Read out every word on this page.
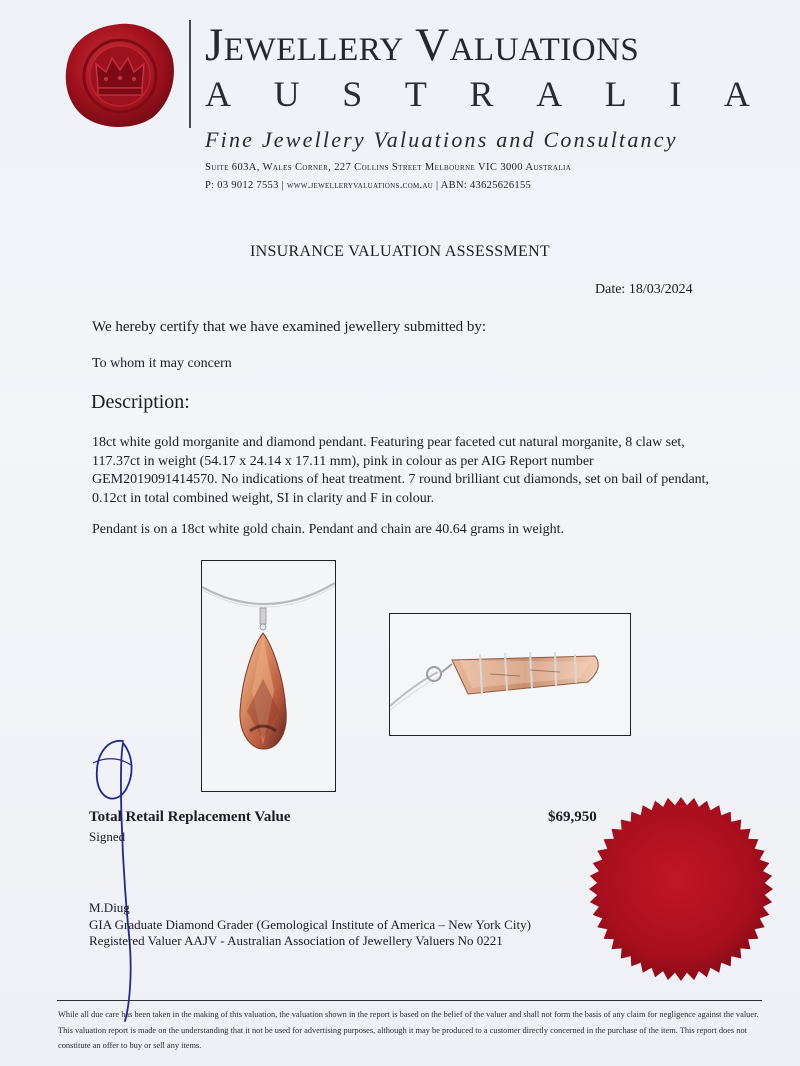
Jewellery Valuations
A U S T R A L I A
Fine Jewellery Valuations and Consultancy
Suite 603A, Wales Corner, 227 Collins Street Melbourne VIC 3000 Australia
P: 03 9012 7553 | www.jewelleryvaluations.com.au | ABN: 43625626155
INSURANCE VALUATION ASSESSMENT
Date: 18/03/2024
We hereby certify that we have examined jewellery submitted by:
To whom it may concern
Description:

18ct white gold morganite and diamond pendant. Featuring pear faceted cut natural morganite, 8 claw set, 117.37ct in weight (54.17 x 24.14 x 17.11 mm), pink in colour as per AIG Report number GEM2019091414570. No indications of heat treatment. 7 round brilliant cut diamonds, set on bail of pendant, 0.12ct in total combined weight, SI in clarity and F in colour.

Pendant is on a 18ct white gold chain. Pendant and chain are 40.64 grams in weight.
Total Retail Replacement Value	$69,950
Signed
M.Diug
GIA Graduate Diamond Grader (Gemological Institute of America – New York City)
Registered Valuer AAJV - Australian Association of Jewellery Valuers No 0221

While all due care has been taken in the making of this valuation, the valuation shown in the report is based on the belief of the valuer and shall not form the basis of any claim for negligence against the valuer. This valuation report is made on the understanding that it not be used for advertising purposes, although it may be produced to a customer directly concerned in the purchase of the item. This report does not constitute an offer to buy or sell any items.
